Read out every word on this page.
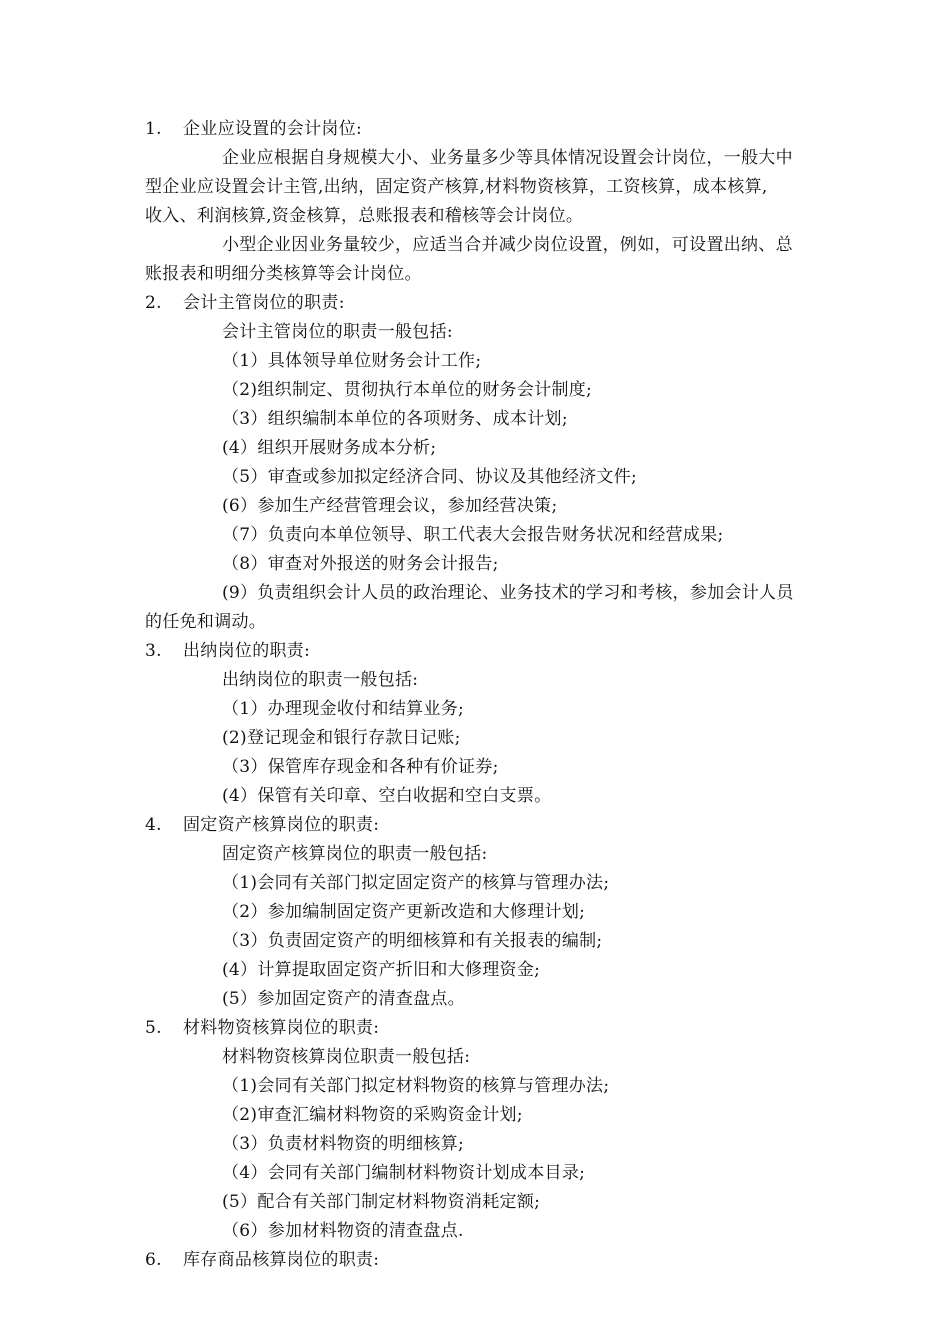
1. 企业应设置的会计岗位:
企业应根据自身规模大小、业务量多少等具体情况设置会计岗位，一般大中
型企业应设置会计主管,出纳，固定资产核算,材料物资核算，工资核算，成本核算,
收入、利润核算,资金核算，总账报表和稽核等会计岗位。
小型企业因业务量较少，应适当合并减少岗位设置，例如，可设置出纳、总
账报表和明细分类核算等会计岗位。
2. 会计主管岗位的职责:
会计主管岗位的职责一般包括:
（1）具体领导单位财务会计工作;
（2)组织制定、贯彻执行本单位的财务会计制度;
（3）组织编制本单位的各项财务、成本计划;
(4）组织开展财务成本分析;
（5）审查或参加拟定经济合同、协议及其他经济文件;
(6）参加生产经营管理会议，参加经营决策;
（7）负责向本单位领导、职工代表大会报告财务状况和经营成果;
（8）审查对外报送的财务会计报告;
(9）负责组织会计人员的政治理论、业务技术的学习和考核，参加会计人员
的任免和调动。
3. 出纳岗位的职责:
出纳岗位的职责一般包括:
（1）办理现金收付和结算业务;
(2)登记现金和银行存款日记账;
（3）保管库存现金和各种有价证券;
(4）保管有关印章、空白收据和空白支票。
4. 固定资产核算岗位的职责:
固定资产核算岗位的职责一般包括:
（1)会同有关部门拟定固定资产的核算与管理办法;
（2）参加编制固定资产更新改造和大修理计划;
（3）负责固定资产的明细核算和有关报表的编制;
(4）计算提取固定资产折旧和大修理资金;
(5）参加固定资产的清查盘点。
5. 材料物资核算岗位的职责:
材料物资核算岗位职责一般包括:
（1)会同有关部门拟定材料物资的核算与管理办法;
（2)审查汇编材料物资的采购资金计划;
（3）负责材料物资的明细核算;
（4）会同有关部门编制材料物资计划成本目录;
(5）配合有关部门制定材料物资消耗定额;
（6）参加材料物资的清查盘点.
6. 库存商品核算岗位的职责:
